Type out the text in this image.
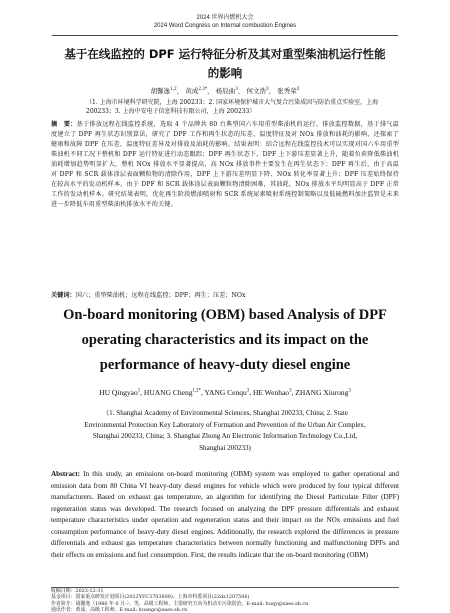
2024 世界内燃机大会
2024 Word Congress on Internal combustion Engines
基于在线监控的 DPF 运行特征分析及其对重型柴油机运行性能
的影响
胡馨逸$^{1,2}$， 黄成$^{2,3*}$， 杨辰曲$^3$， 何文浩$^3$， 张秀荣$^3$
（1. 上海市环境科学研究院，上海 200233；2. 国家环境保护城市大气复合污染成因与防治重点实验室，上海 200233；3. 上海中安电子信息科技有限公司，上海 200233）
摘　要：基于排放远程在线监控系统，选取 4 个品牌共 80 台典型国六车用重型柴油机的运行、排放监控数据，基于排气温度建立了 DPF 再生状态识别算法，研究了 DPF 工作和再生状态的压差、温度特征及对 NOx 排放和油耗的影响，还探索了健康和故障 DPF 在压差、温度特征差异及对排放及油耗的影响。结果表明：结合远程在线监控技术可以实现对国六车用重型柴油机不同工况下整机和 DPF 运行特征进行动态跟踪；DPF 再生状态下，DPF 上下游压差显著上升，随着负荷降低柴油机油耗增加趋势明显扩大，整机 NOx 排放水平显著提高，高 NOx 排放事件主要发生在再生状态下；DPF 再生后，由于高温对 DPF 和 SCR 载体涂层表面颗粒物的清除作用，DPF 上下游压差明显下降、NOx 转化率显著上升；DPF 压差始终保持在较高水平的发动机样本，由于 DPF 和 SCR 载体涂层表面颗粒物清除困难，其油耗、NOx 排放水平均明显高于 DPF 正常工作的发动机样本。研究结果表明，优化再生阶段燃油喷射和 SCR 系统尿素喷射系统控制策略以及低硫燃料加注监管是未来进一步降低车用重型柴油机排放水平的关键。
关键词：国六；重型柴油机；远程在线监控；DPF；再生；压差；NOx
On-board monitoring (OBM) based Analysis of DPF
operating characteristics and its impact on the
performance of heavy-duty diesel engine
HU Qingyao$^1$, HUANG Cheng$^{1,2*}$, YANG Cenqu$^3$, HE Wenhao$^3$, ZHANG Xiurong$^3$
（1. Shanghai Academy of Environmental Sciences, Shanghai 200233, China; 2. State Environmental Protection Key Laboratory of Formation and Prevention of the Urban Air Complex, Shanghai 200233, China; 3. Shanghai Zhong An Electronic Information Technology Co.,Ltd, Shanghai 200233)
Abstract: In this study, an emissions on-board monitoring (OBM) system was employed to gather operational and emission data from 80 China VI heavy-duty diesel engines for vehicle which were produced by four typical different manufacturers. Based on exhaust gas temperature, an algorithm for identifying the Diesel Particulate Filter (DPF) regeneration status was developed. The research focused on analyzing the DPF pressure differentials and exhaust temperature characteristics under operation and regeneration status and their impact on the NOx emissions and fuel consumption performance of heavy-duty diesel engines. Additionally, the research explored the differences in pressure differentials and exhaust gas temperature characteristics between normally functioning and malfunctioning DPFs and their effects on emissions and fuel consumption. First, the results indicate that the on-board monitoring (OBM)
收稿日期：2023-12-31
基金项目：国家重点研发计划项目(2022YFC3703600)；上海市科委项目(22dz1207506)
作者简介：胡馨逸（1986 年 6 月-），男，高级工程师，主要研究方向为机动车污染防治。E-mail: huqy@saes.sh.cn
通讯作者：黄成，高级工程师。E-mail: huangc@saes.sh.cn
